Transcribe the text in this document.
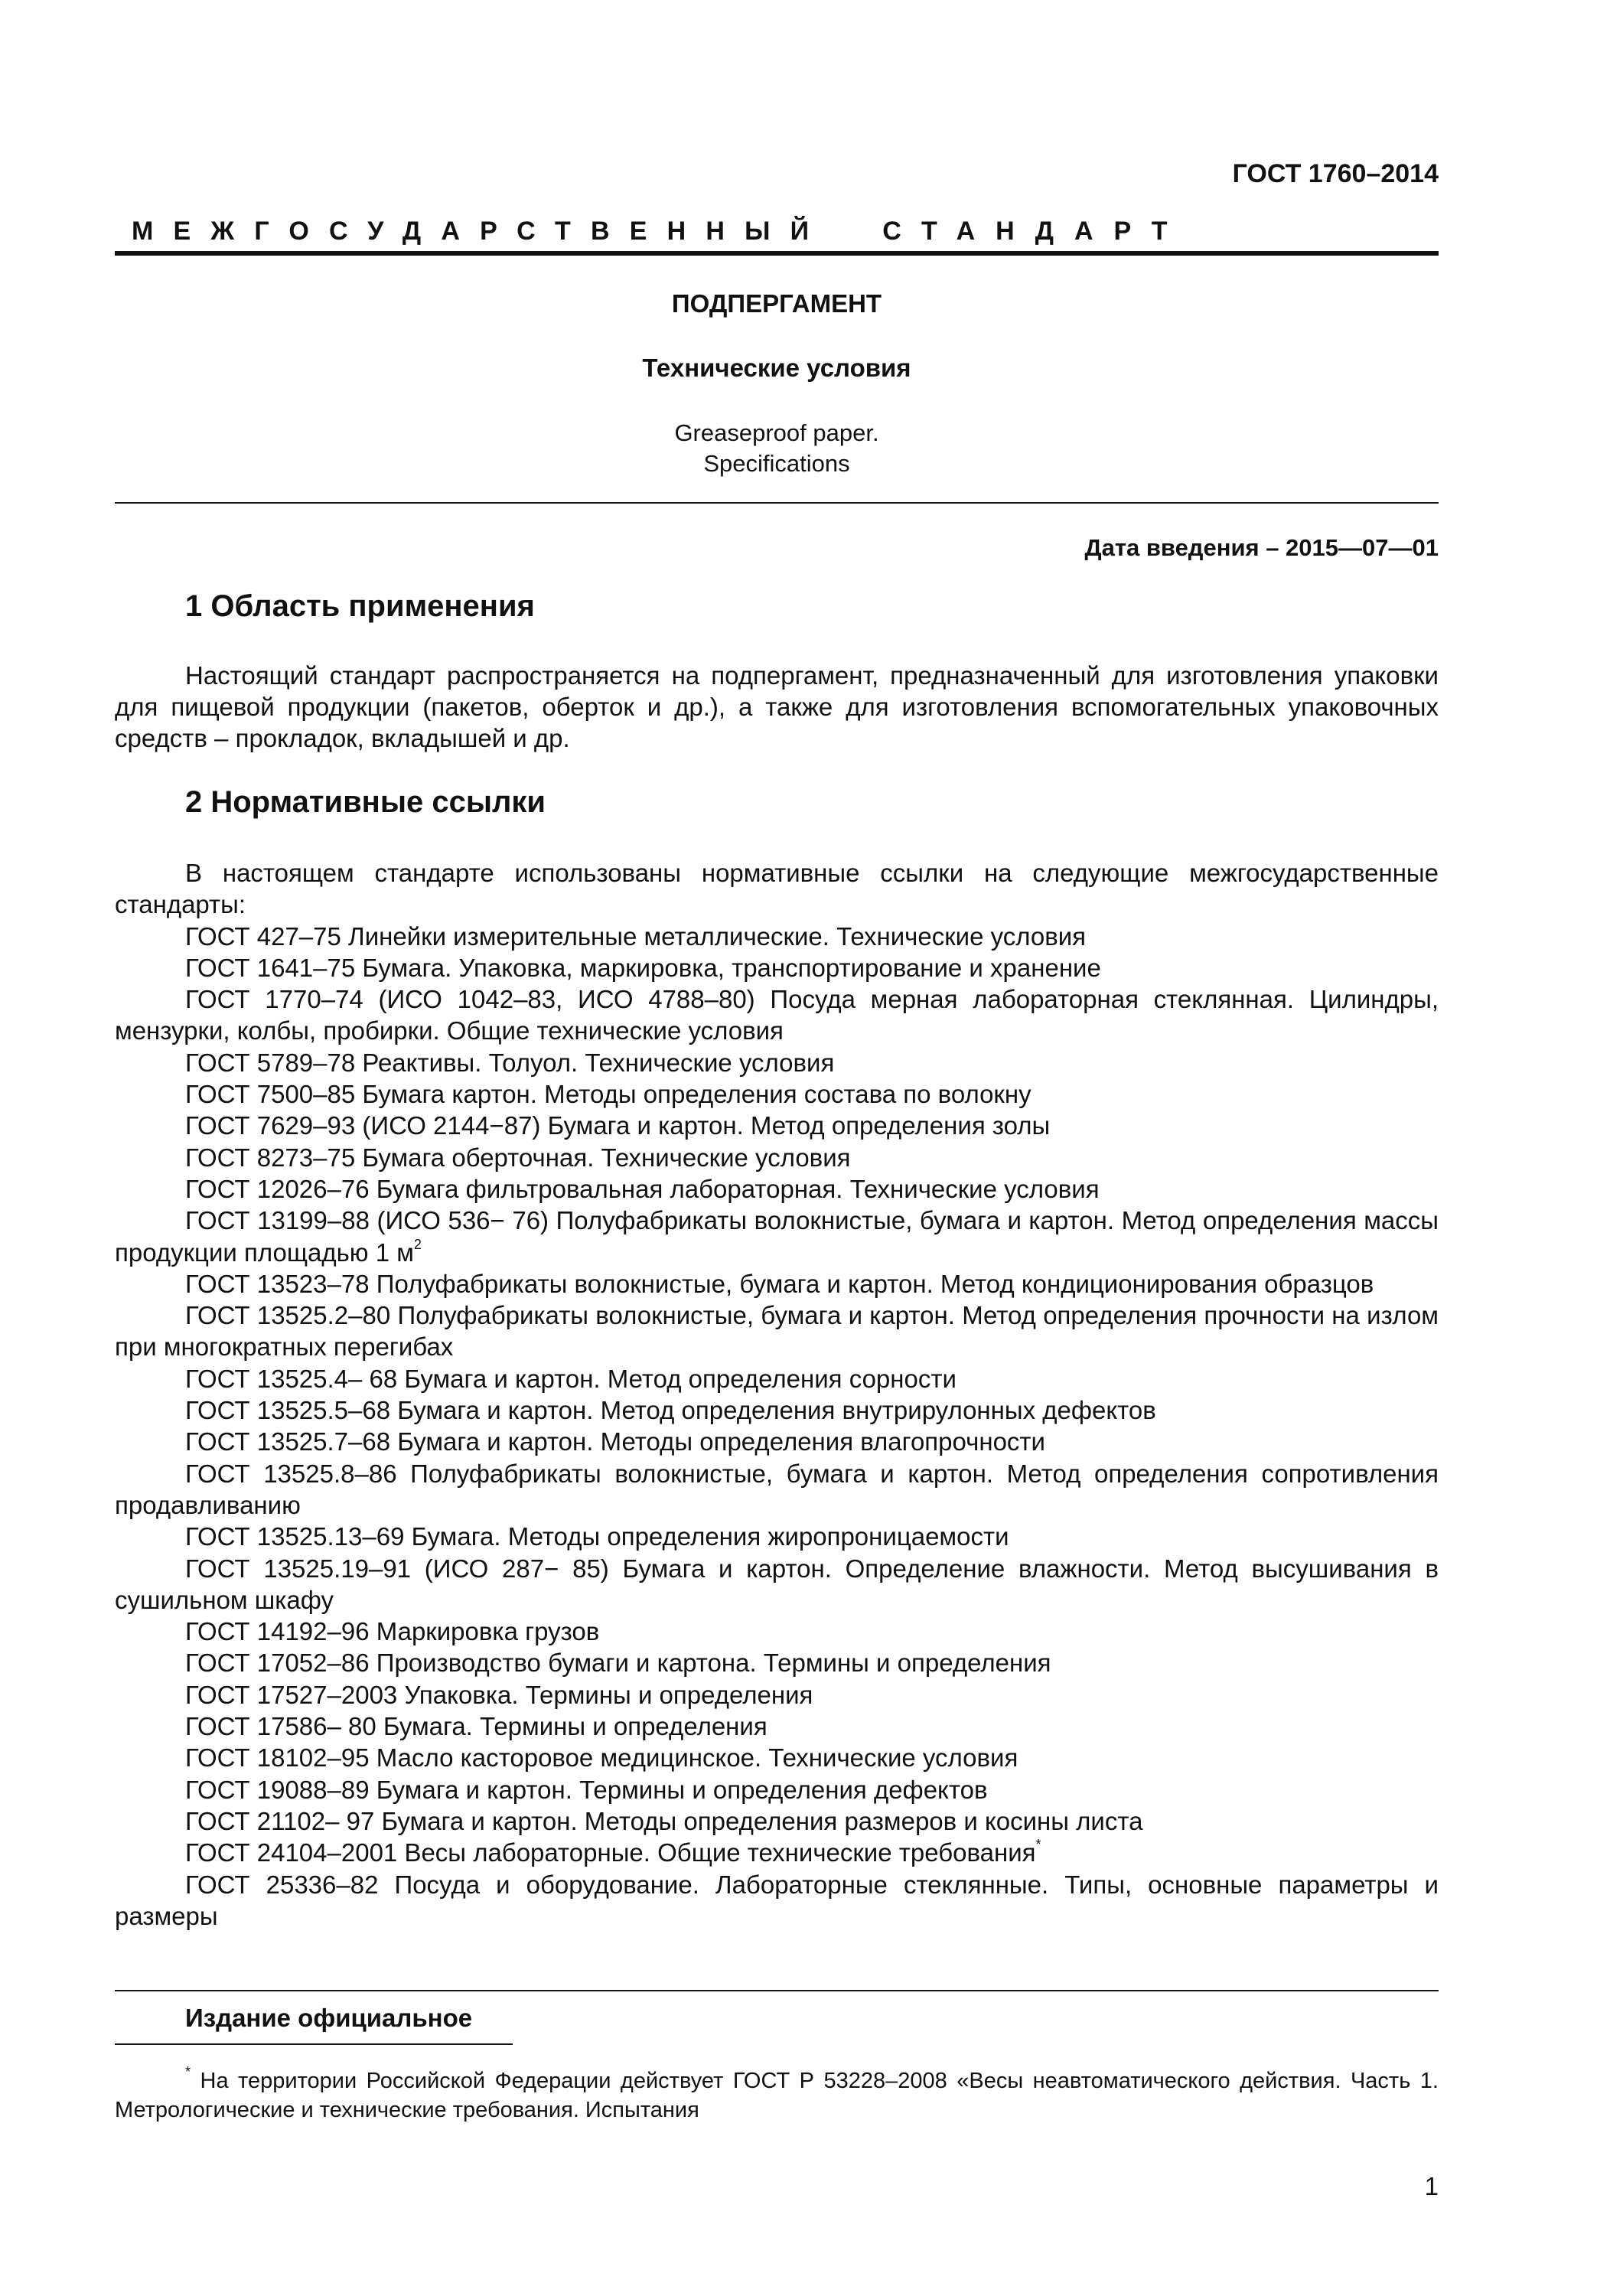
ГОСТ 1760–2014
МЕЖГОСУДАРСТВЕННЫЙ СТАНДАРТ
ПОДПЕРГАМЕНТ
Технические условия
Greaseproof paper.
Specifications
Дата введения – 2015—07—01
1 Область применения
Настоящий стандарт распространяется на подпергамент, предназначенный для изготовления упаковки для пищевой продукции (пакетов, оберток и др.), а также для изготовления вспомогательных упаковочных средств – прокладок, вкладышей и др.
2 Нормативные ссылки
В настоящем стандарте использованы нормативные ссылки на следующие межгосударственные стандарты:
ГОСТ 427–75 Линейки измерительные металлические. Технические условия
ГОСТ 1641–75 Бумага. Упаковка, маркировка, транспортирование и хранение
ГОСТ 1770–74 (ИСО 1042–83, ИСО 4788–80) Посуда мерная лабораторная стеклянная. Цилиндры, мензурки, колбы, пробирки. Общие технические условия
ГОСТ 5789–78 Реактивы. Толуол. Технические условия
ГОСТ 7500–85 Бумага картон. Методы определения состава по волокну
ГОСТ 7629–93 (ИСО 2144−87) Бумага и картон. Метод определения золы
ГОСТ 8273–75 Бумага оберточная. Технические условия
ГОСТ 12026–76 Бумага фильтровальная лабораторная. Технические условия
ГОСТ 13199–88 (ИСО 536− 76) Полуфабрикаты волокнистые, бумага и картон. Метод определения массы продукции площадью 1 $м^2$
ГОСТ 13523–78 Полуфабрикаты волокнистые, бумага и картон. Метод кондиционирования образцов
ГОСТ 13525.2–80 Полуфабрикаты волокнистые, бумага и картон. Метод определения прочности на излом при многократных перегибах
ГОСТ 13525.4– 68 Бумага и картон. Метод определения сорности
ГОСТ 13525.5–68 Бумага и картон. Метод определения внутрирулонных дефектов
ГОСТ 13525.7–68 Бумага и картон. Методы определения влагопрочности
ГОСТ 13525.8–86 Полуфабрикаты волокнистые, бумага и картон. Метод определения сопротивления продавливанию
ГОСТ 13525.13–69 Бумага. Методы определения жиропроницаемости
ГОСТ 13525.19–91 (ИСО 287− 85) Бумага и картон. Определение влажности. Метод высушивания в сушильном шкафу
ГОСТ 14192–96 Маркировка грузов
ГОСТ 17052–86 Производство бумаги и картона. Термины и определения
ГОСТ 17527–2003 Упаковка. Термины и определения
ГОСТ 17586– 80 Бумага. Термины и определения
ГОСТ 18102–95 Масло касторовое медицинское. Технические условия
ГОСТ 19088–89 Бумага и картон. Термины и определения дефектов
ГОСТ 21102– 97 Бумага и картон. Методы определения размеров и косины листа
ГОСТ 24104–2001 Весы лабораторные. Общие технические требования*
ГОСТ 25336–82 Посуда и оборудование. Лабораторные стеклянные. Типы, основные параметры и размеры
Издание официальное
* На территории Российской Федерации действует ГОСТ Р 53228–2008 «Весы неавтоматического действия. Часть 1. Метрологические и технические требования. Испытания
1
